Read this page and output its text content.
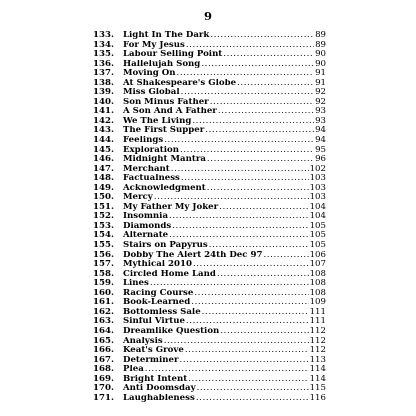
9
133.	Light In The Dark .....	89
134.	For My Jesus .....	89
135.	Labour Selling Point .....	90
136.	Hallelujah Song .....	90
137.	Moving On .....	91
138.	At Shakespeare's Globe .....	91
139.	Miss Global .....	92
140.	Son Minus Father .....	92
141.	A Son And A Father .....	93
142.	We The Living .....	93
143.	The First Supper .....	94
144.	Feelings .....	94
145.	Exploration .....	95
146.	Midnight Mantra .....	96
147.	Merchant .....	102
148.	Factualness .....	103
149.	Acknowledgment .....	103
150.	Mercy .....	103
151.	My Father My Joker .....	104
152.	Insomnia .....	104
153.	Diamonds .....	105
154.	Alternate .....	105
155.	Stairs on Papyrus .....	105
156.	Dobby The Alert 24th Dec 97 .....	106
157.	Mythical 2010 .....	107
158.	Circled Home Land .....	108
159.	Lines .....	108
160.	Racing Course .....	108
161.	Book-Learned .....	109
162.	Bottomless Sale .....	111
163.	Sinful Virtue .....	111
164.	Dreamlike Question .....	112
165.	Analysis .....	112
166.	Keat's Grove .....	112
167.	Determiner .....	113
168.	Plea .....	114
169.	Bright Intent .....	114
170.	Anti Doomsday .....	115
171.	Laughableness .....	116
